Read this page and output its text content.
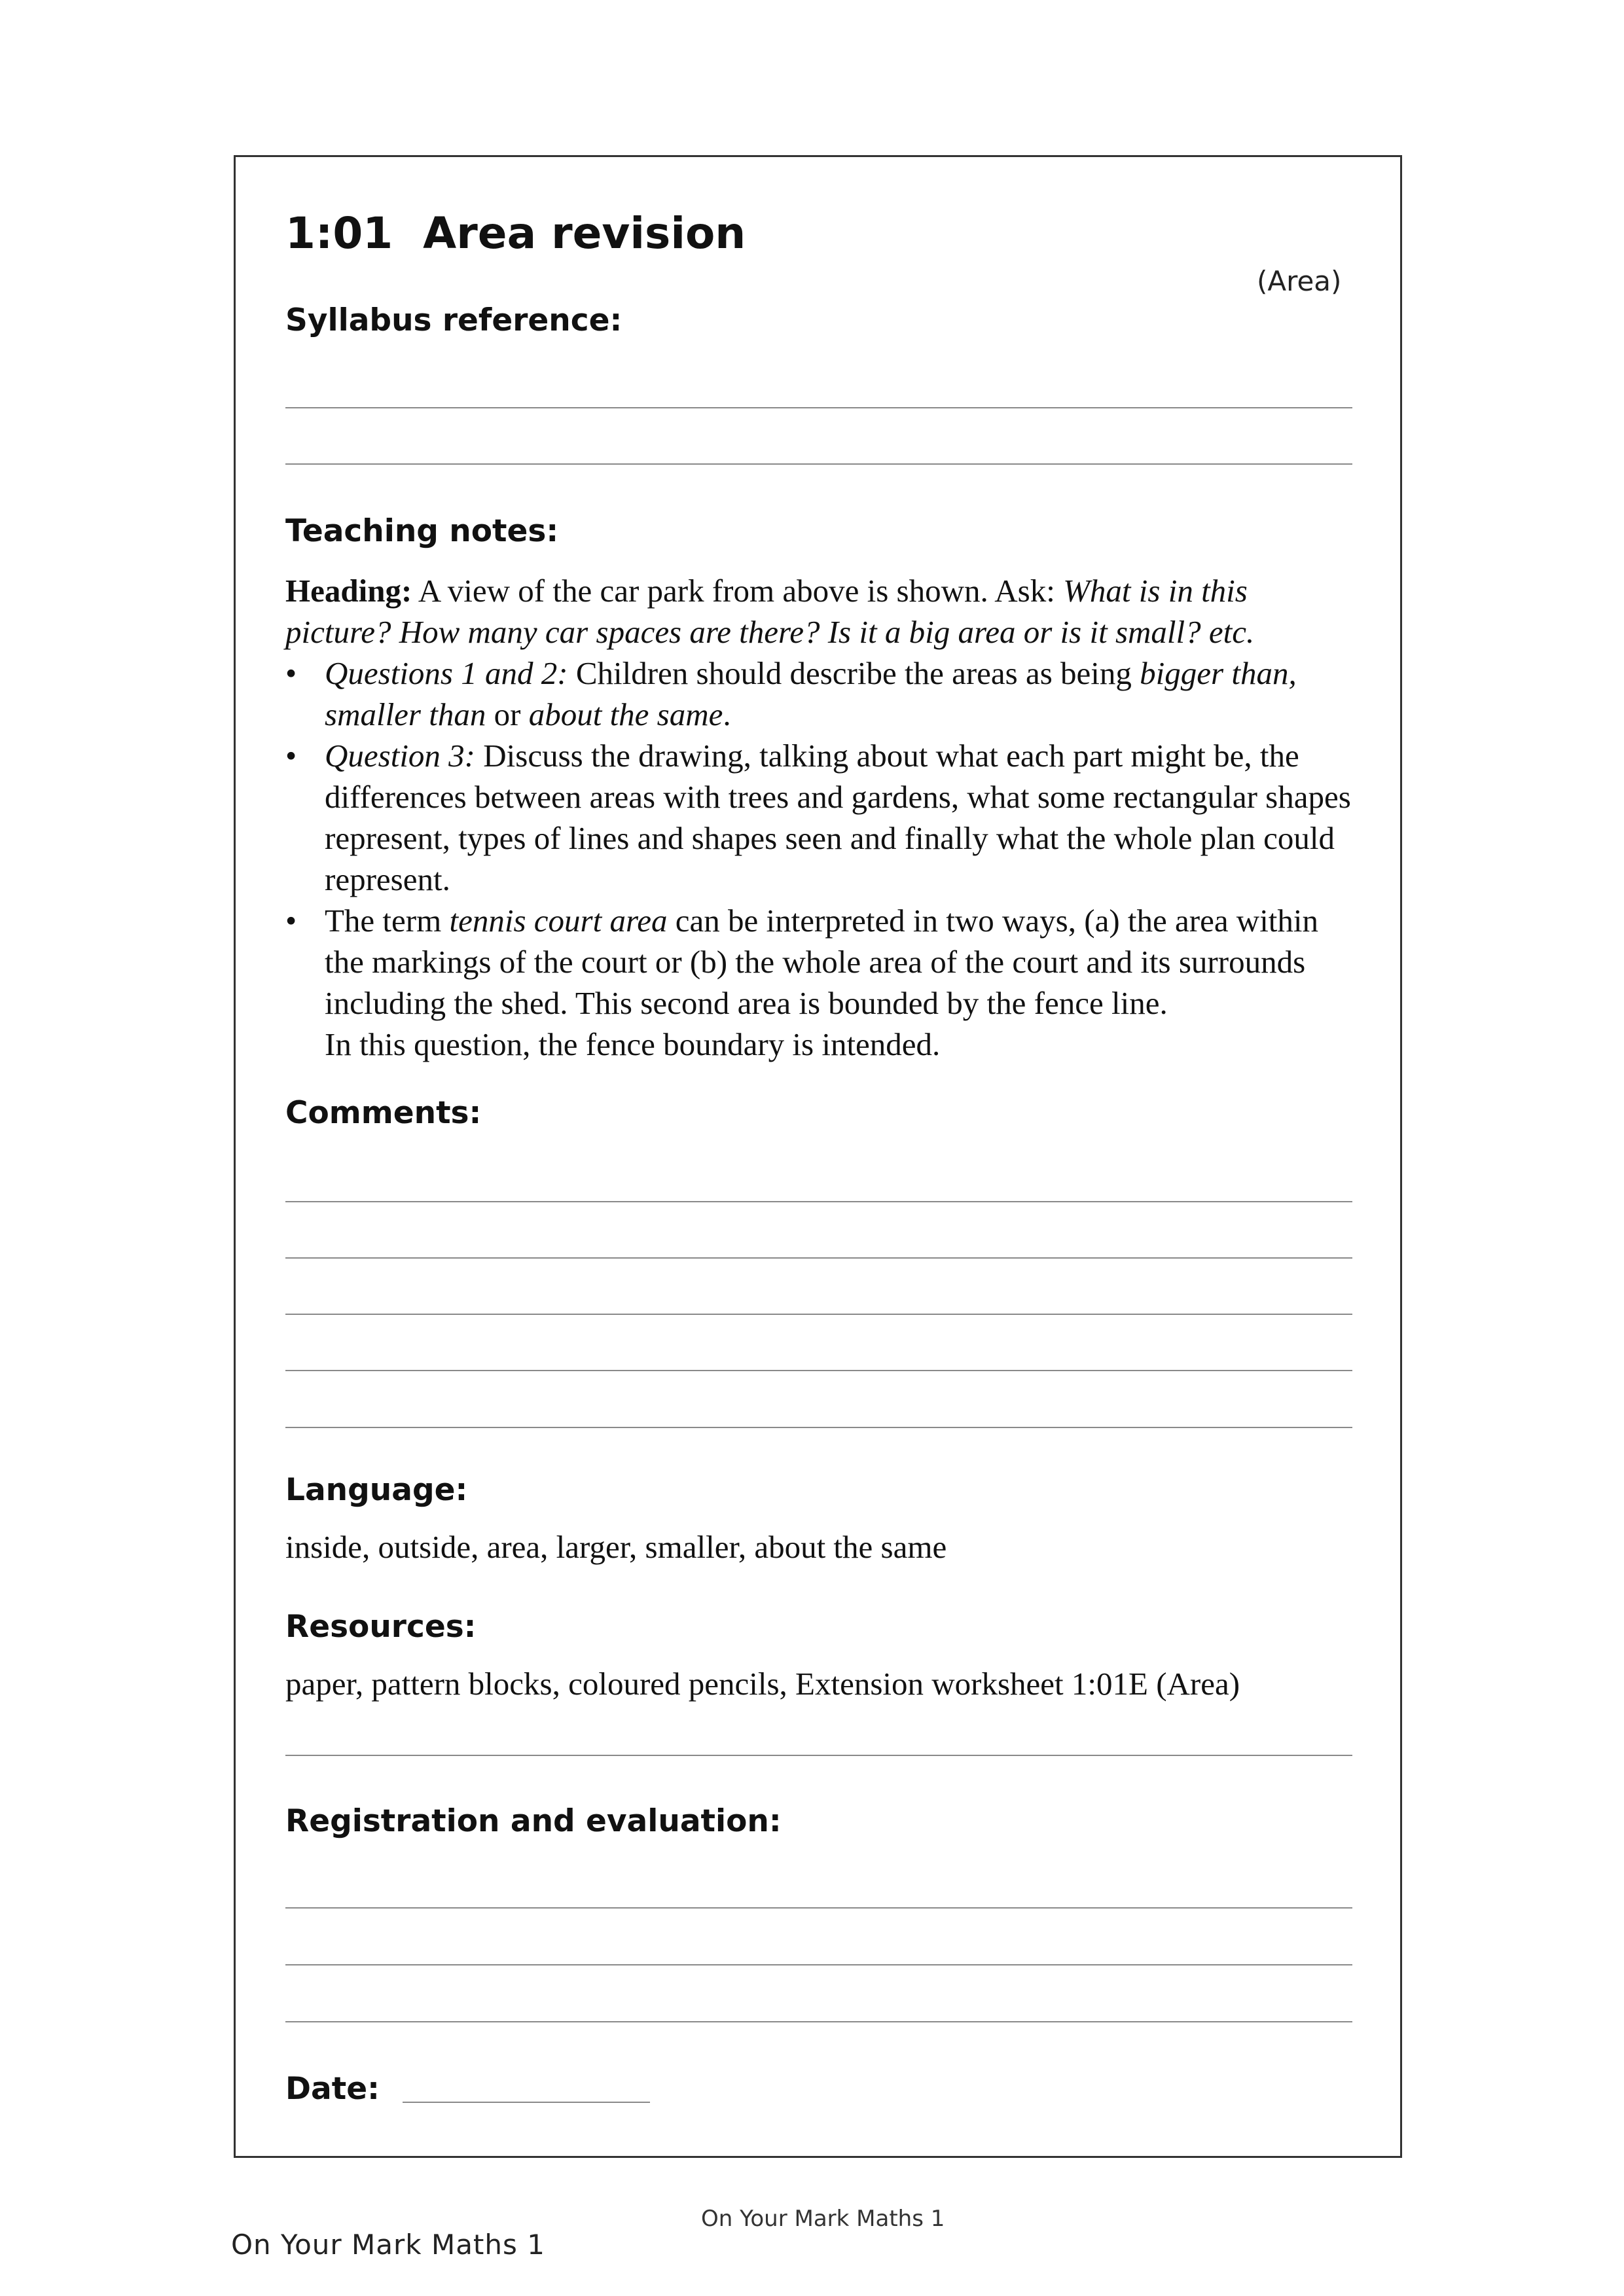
1:01 Area revision
(Area)
Syllabus reference:
Teaching notes:

Heading: A view of the car park from above is shown. Ask: What is in this picture? How many car spaces are there? Is it a big area or is it small? etc.

• Questions 1 and 2: Children should describe the areas as being bigger than, smaller than or about the same.
• Question 3: Discuss the drawing, talking about what each part might be, the differences between areas with trees and gardens, what some rectangular shapes represent, types of lines and shapes seen and finally what the whole plan could represent.
• The term tennis court area can be interpreted in two ways, (a) the area within the markings of the court or (b) the whole area of the court and its surrounds including the shed. This second area is bounded by the fence line.
In this question, the fence boundary is intended.
Comments:
Language:
inside, outside, area, larger, smaller, about the same
Resources:
paper, pattern blocks, coloured pencils, Extension worksheet 1:01E (Area)
Registration and evaluation:
Date:
On Your Mark Maths 1
On Your Mark Maths 1
